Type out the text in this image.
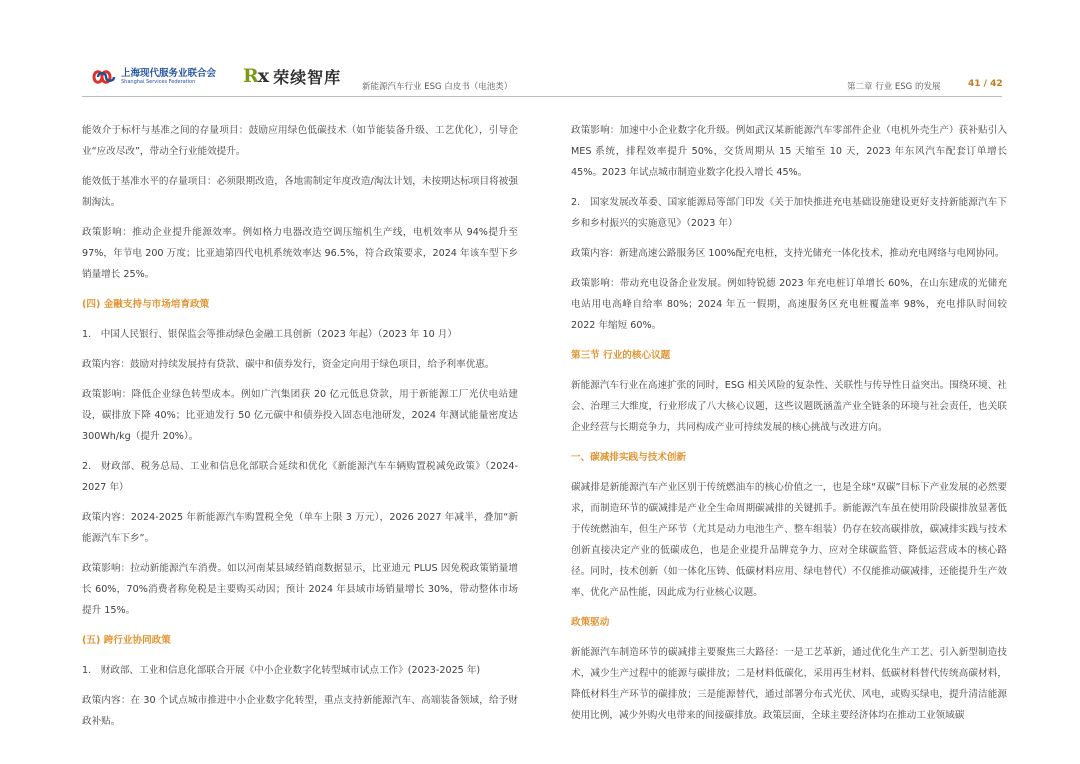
上海现代服务业联合会
Shanghai Services Federation	Rx 荣续智库
新能源汽车行业 ESG 白皮书（电池类）	第二章 行业 ESG 的发展	41 / 42

能效介于标杆与基准之间的存量项目：鼓励应用绿色低碳技术（如节能装备升级、工艺优化），引导企业“应改尽改”，带动全行业能效提升。

能效低于基准水平的存量项目：必须限期改造，各地需制定年度改造/淘汰计划，未按期达标项目将被强制淘汰。

政策影响：推动企业提升能源效率。例如格力电器改造空调压缩机生产线，电机效率从 94%提升至 97%，年节电 200 万度；比亚迪第四代电机系统效率达 96.5%，符合政策要求，2024 年该车型下乡销量增长 25%。

(四) 金融支持与市场培育政策

1.　中国人民银行、银保监会等推动绿色金融工具创新（2023 年起）（2023 年 10 月）

政策内容：鼓励对持续发展持有贷款、碳中和债券发行，资金定向用于绿色项目，给予利率优惠。

政策影响：降低企业绿色转型成本。例如广汽集团获 20 亿元低息贷款，用于新能源工厂光伏电站建设，碳排放下降 40%；比亚迪发行 50 亿元碳中和债券投入固态电池研发，2024 年测试能量密度达 300Wh/kg（提升 20%）。

2.　财政部、税务总局、工业和信息化部联合延续和优化《新能源汽车车辆购置税减免政策》（2024-2027 年）

政策内容：2024-2025 年新能源汽车购置税全免（单车上限 3 万元），2026 2027 年减半，叠加“新能源汽车下乡”。

政策影响：拉动新能源汽车消费。如以河南某县域经销商数据显示，比亚迪元 PLUS 因免税政策销量增长 60%，70%消费者称免税是主要购买动因；预计 2024 年县域市场销量增长 30%，带动整体市场提升 15%。

(五) 跨行业协同政策

1.　财政部、工业和信息化部联合开展《中小企业数字化转型城市试点工作》(2023-2025 年)

政策内容：在 30 个试点城市推进中小企业数字化转型，重点支持新能源汽车、高端装备领域，给予财政补贴。

政策影响：加速中小企业数字化升级。例如武汉某新能源汽车零部件企业（电机外壳生产）获补贴引入 MES 系统，排程效率提升 50%，交货周期从 15 天缩至 10 天，2023 年东风汽车配套订单增长 45%。2023 年试点城市制造业数字化投入增长 45%。

2.　国家发展改革委、国家能源局等部门印发《关于加快推进充电基础设施建设更好支持新能源汽车下乡和乡村振兴的实施意见》（2023 年）

政策内容：新建高速公路服务区 100%配充电桩，支持光储充一体化技术，推动充电网络与电网协同。

政策影响：带动充电设备企业发展。例如特锐德 2023 年充电桩订单增长 60%，在山东建成的光储充电站用电高峰自给率 80%；2024 年五一假期，高速服务区充电桩覆盖率 98%，充电排队时间较 2022 年缩短 60%。

第三节 行业的核心议题

新能源汽车行业在高速扩张的同时，ESG 相关风险的复杂性、关联性与传导性日益突出。围绕环境、社会、治理三大维度，行业形成了八大核心议题，这些议题既涵盖产业全链条的环境与社会责任，也关联企业经营与长期竞争力，共同构成产业可持续发展的核心挑战与改进方向。

一、碳减排实践与技术创新

碳减排是新能源汽车产业区别于传统燃油车的核心价值之一，也是全球“双碳”目标下产业发展的必然要求，而制造环节的碳减排是产业全生命周期碳减排的关键抓手。新能源汽车虽在使用阶段碳排放显著低于传统燃油车，但生产环节（尤其是动力电池生产、整车组装）仍存在较高碳排放，碳减排实践与技术创新直接决定产业的低碳成色，也是企业提升品牌竞争力、应对全球碳监管、降低运营成本的核心路径。同时，技术创新（如一体化压铸、低碳材料应用、绿电替代）不仅能推动碳减排，还能提升生产效率、优化产品性能，因此成为行业核心议题。

政策驱动

新能源汽车制造环节的碳减排主要聚焦三大路径：一是工艺革新，通过优化生产工艺、引入新型制造技术，减少生产过程中的能源与碳排放；二是材料低碳化，采用再生材料、低碳材料替代传统高碳材料，降低材料生产环节的碳排放；三是能源替代，通过部署分布式光伏、风电，或购买绿电，提升清洁能源使用比例，减少外购火电带来的间接碳排放。政策层面，全球主要经济体均在推动工业领域碳
